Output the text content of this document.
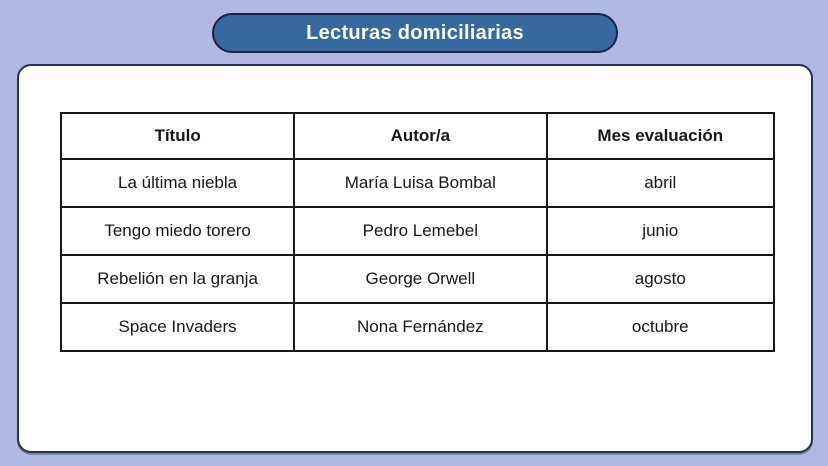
Lecturas domiciliarias
Título	Autor/a	Mes evaluación
La última niebla	María Luisa Bombal	abril
Tengo miedo torero	Pedro Lemebel	junio
Rebelión en la granja	George Orwell	agosto
Space Invaders	Nona Fernández	octubre
